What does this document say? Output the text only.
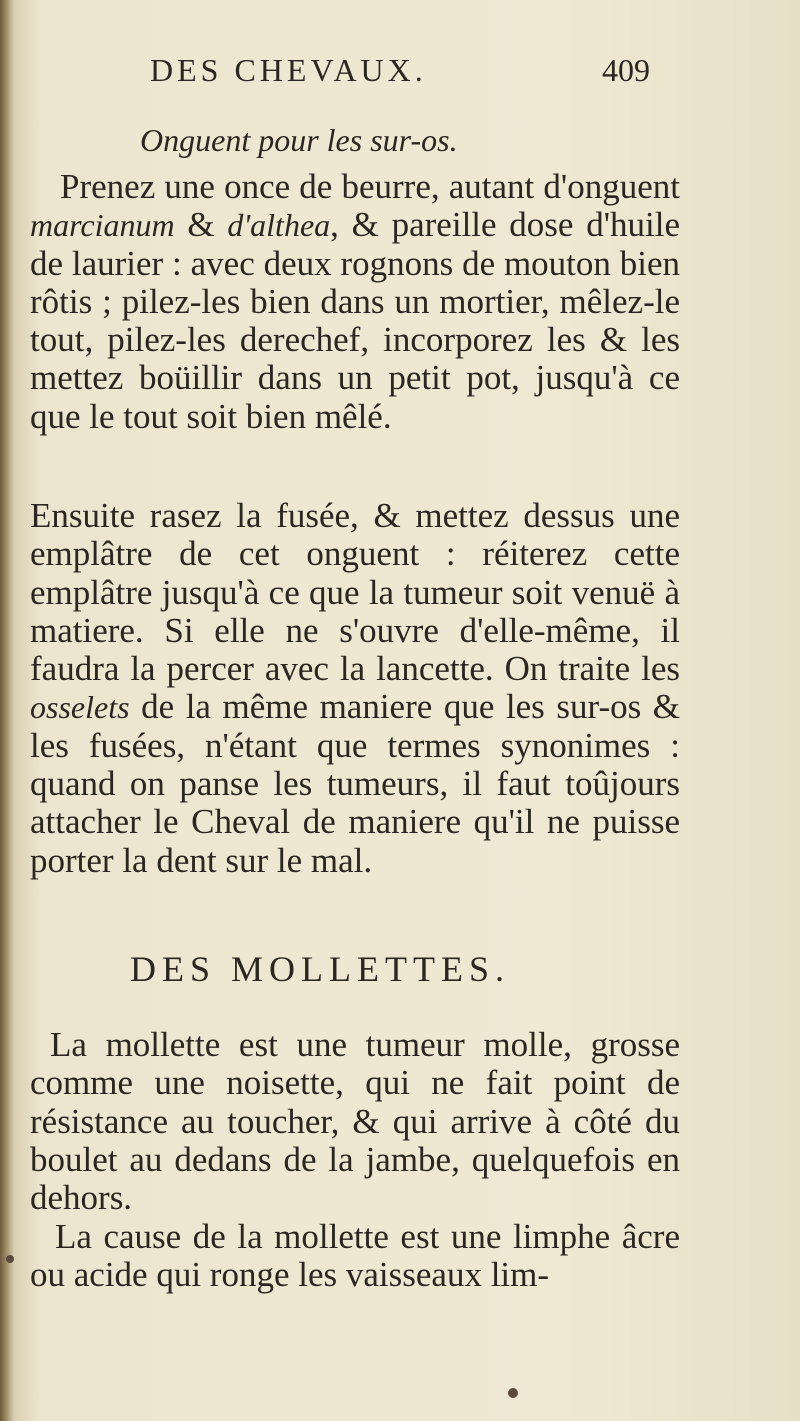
DES CHEVAUX.	409
Onguent pour les sur-os.

Prenez une once de beurre, autant d'onguent marcianum & d'althea, & pareille dose d'huile de laurier : avec deux rognons de mouton bien rôtis ; pilez-les bien dans un mortier, mêlez-le tout, pilez-les derechef, incorporez les & les mettez boüillir dans un petit pot, jusqu'à ce que le tout soit bien mêlé.

Ensuite rasez la fusée, & mettez dessus une emplâtre de cet onguent : réiterez cette emplâtre jusqu'à ce que la tumeur soit venuë à matiere. Si elle ne s'ouvre d'elle-même, il faudra la percer avec la lancette. On traite les osselets de la même maniere que les sur-os & les fusées, n'étant que termes synonimes : quand on panse les tumeurs, il faut toûjours attacher le Cheval de maniere qu'il ne puisse porter la dent sur le mal.

DES MOLLETTES.

La mollette est une tumeur molle, grosse comme une noisette, qui ne fait point de résistance au toucher, & qui arrive à côté du boulet au dedans de la jambe, quelquefois en dehors.

La cause de la mollette est une limphe âcre ou acide qui ronge les vaisseaux lim-
